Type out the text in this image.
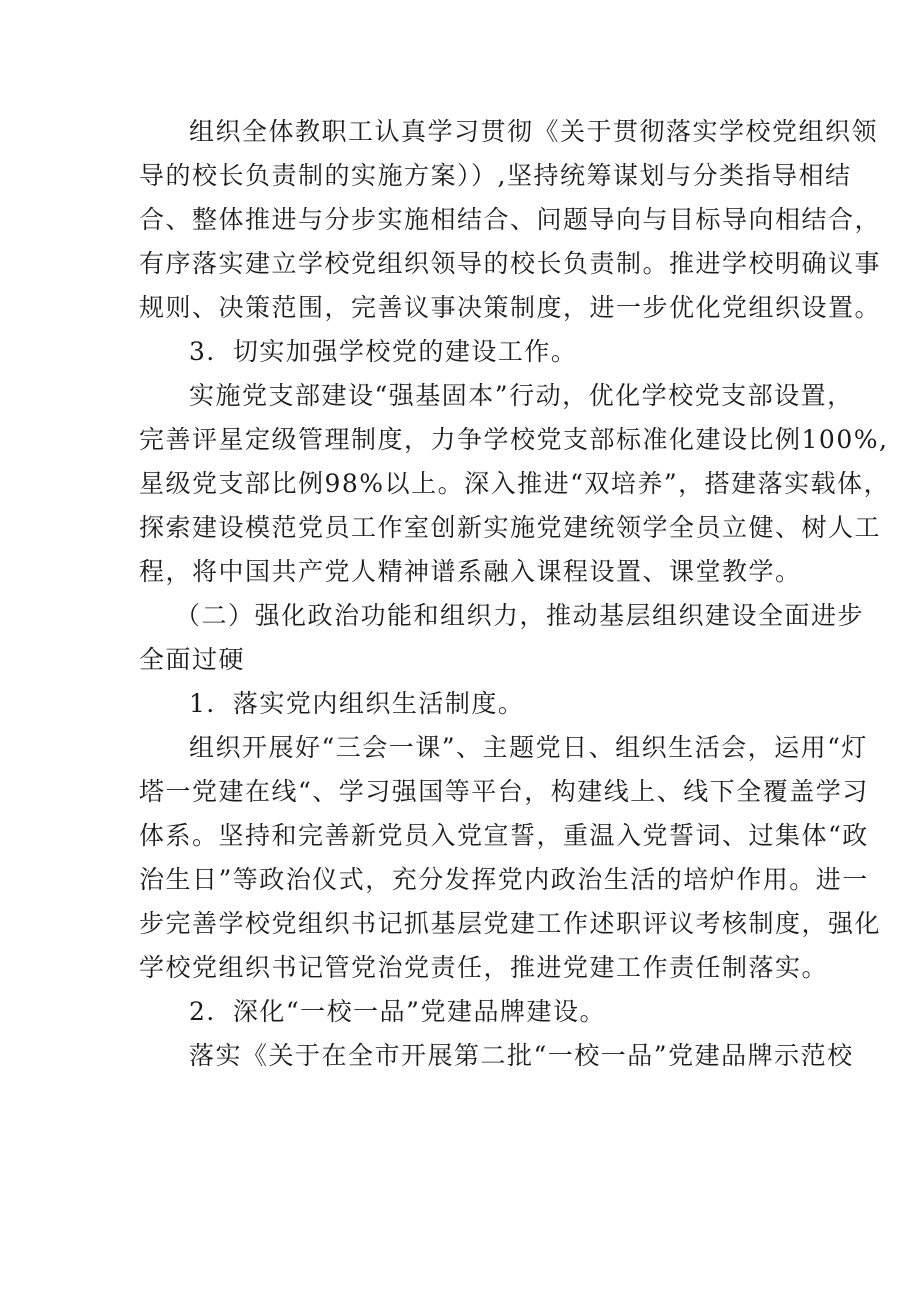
组织全体教职工认真学习贯彻《关于贯彻落实学校党组织领
导的校长负责制的实施方案））,坚持统筹谋划与分类指导相结
合、整体推进与分步实施相结合、问题导向与目标导向相结合，
有序落实建立学校党组织领导的校长负责制。推进学校明确议事
规则、决策范围，完善议事决策制度，进一步优化党组织设置。
3．切实加强学校党的建设工作。
实施党支部建设“强基固本”行动，优化学校党支部设置，
完善评星定级管理制度，力争学校党支部标准化建设比例100%,
星级党支部比例98%以上。深入推进“双培养”，搭建落实载体，
探索建设模范党员工作室创新实施党建统领学全员立健、树人工
程，将中国共产党人精神谱系融入课程设置、课堂教学。
（二）强化政治功能和组织力，推动基层组织建设全面进步
全面过硬
1．落实党内组织生活制度。
组织开展好“三会一课”、主题党日、组织生活会，运用“灯
塔一党建在线“、学习强国等平台，构建线上、线下全覆盖学习
体系。坚持和完善新党员入党宣誓，重温入党誓词、过集体“政
治生日”等政治仪式，充分发挥党内政治生活的培炉作用。进一
步完善学校党组织书记抓基层党建工作述职评议考核制度，强化
学校党组织书记管党治党责任，推进党建工作责任制落实。
2．深化“一校一品”党建品牌建设。
落实《关于在全市开展第二批“一校一品”党建品牌示范校
